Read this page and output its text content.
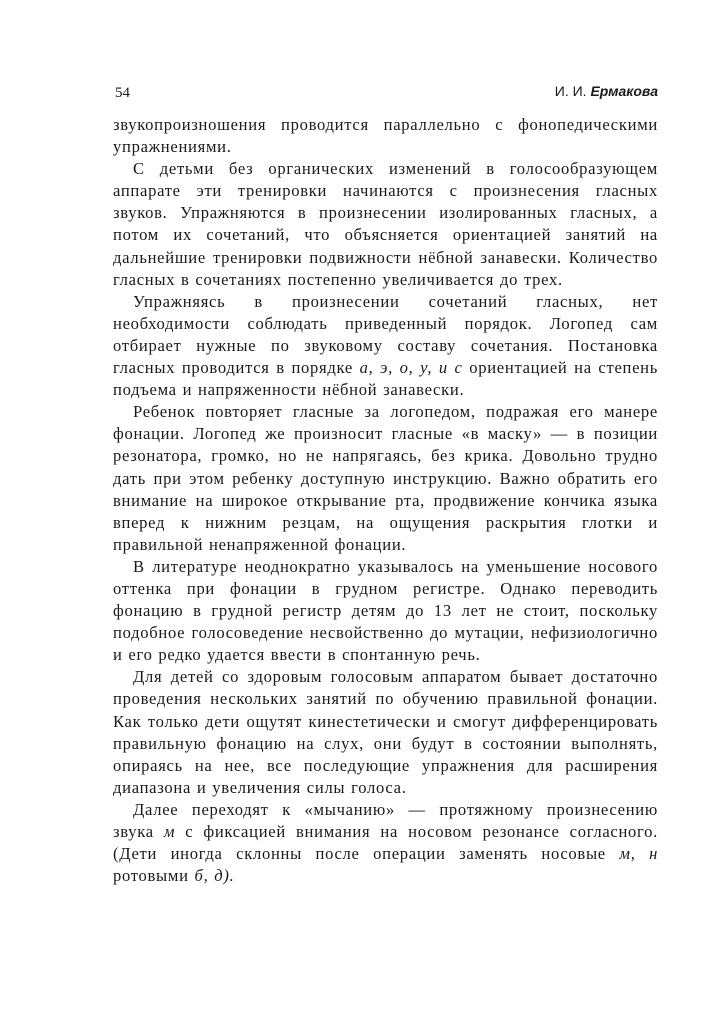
54	И. И. Ермакова

звукопроизношения проводится параллельно с фонопедическими упражнениями.

С детьми без органических изменений в голосообразующем аппарате эти тренировки начинаются с произнесения гласных звуков. Упражняются в произнесении изолированных гласных, а потом их сочетаний, что объясняется ориентацией занятий на дальнейшие тренировки подвижности нёбной занавески. Количество гласных в сочетаниях постепенно увеличивается до трех.

Упражняясь в произнесении сочетаний гласных, нет необходимости соблюдать приведенный порядок. Логопед сам отбирает нужные по звуковому составу сочетания. Постановка гласных проводится в порядке а, э, о, у, и с ориентацией на степень подъема и напряженности нёбной занавески.

Ребенок повторяет гласные за логопедом, подражая его манере фонации. Логопед же произносит гласные «в маску» — в позиции резонатора, громко, но не напрягаясь, без крика. Довольно трудно дать при этом ребенку доступную инструкцию. Важно обратить его внимание на широкое открывание рта, продвижение кончика языка вперед к нижним резцам, на ощущения раскрытия глотки и правильной ненапряженной фонации.

В литературе неоднократно указывалось на уменьшение носового оттенка при фонации в грудном регистре. Однако переводить фонацию в грудной регистр детям до 13 лет не стоит, поскольку подобное голосоведение несвойственно до мутации, нефизиологично и его редко удается ввести в спонтанную речь.

Для детей со здоровым голосовым аппаратом бывает достаточно проведения нескольких занятий по обучению правильной фонации. Как только дети ощутят кинестетически и смогут дифференцировать правильную фонацию на слух, они будут в состоянии выполнять, опираясь на нее, все последующие упражнения для расширения диапазона и увеличения силы голоса.

Далее переходят к «мычанию» — протяжному произнесению звука м с фиксацией внимания на носовом резонансе согласного. (Дети иногда склонны после операции заменять носовые м, н ротовыми б, д).
